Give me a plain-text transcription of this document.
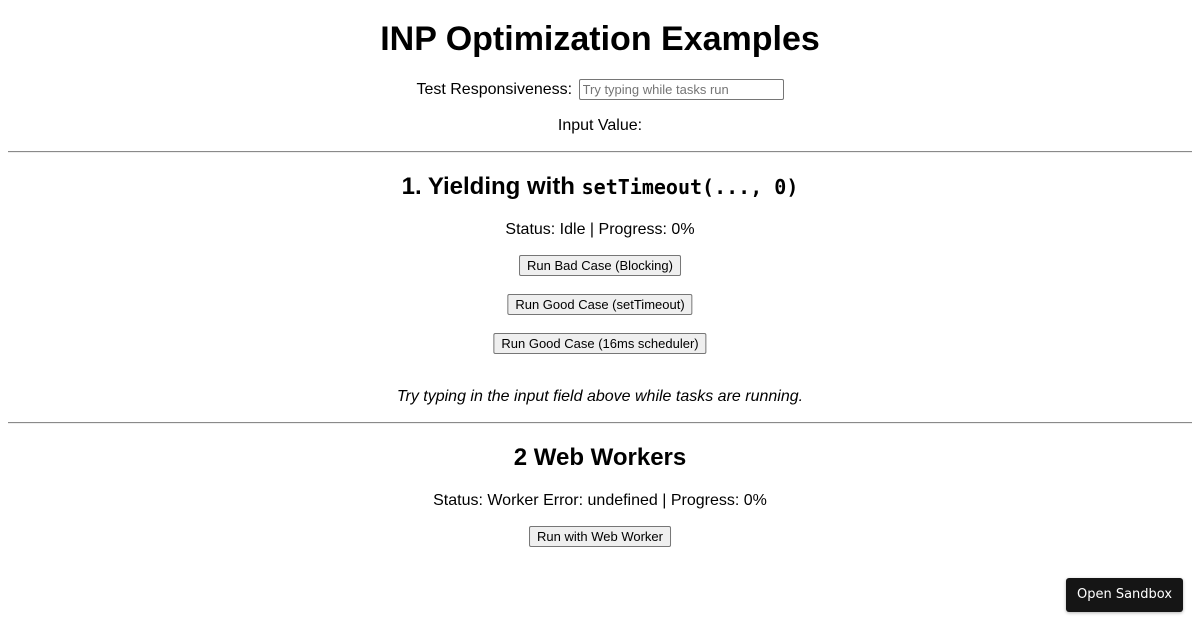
INP Optimization Examples
Test Responsiveness: Try typing while tasks run
Input Value:
1. Yielding with setTimeout(..., 0)
Status: Idle | Progress: 0%
Run Bad Case (Blocking)
Run Good Case (setTimeout)
Run Good Case (16ms scheduler)
Try typing in the input field above while tasks are running.
2 Web Workers
Status: Worker Error: undefined | Progress: 0%
Run with Web Worker
Open Sandbox
